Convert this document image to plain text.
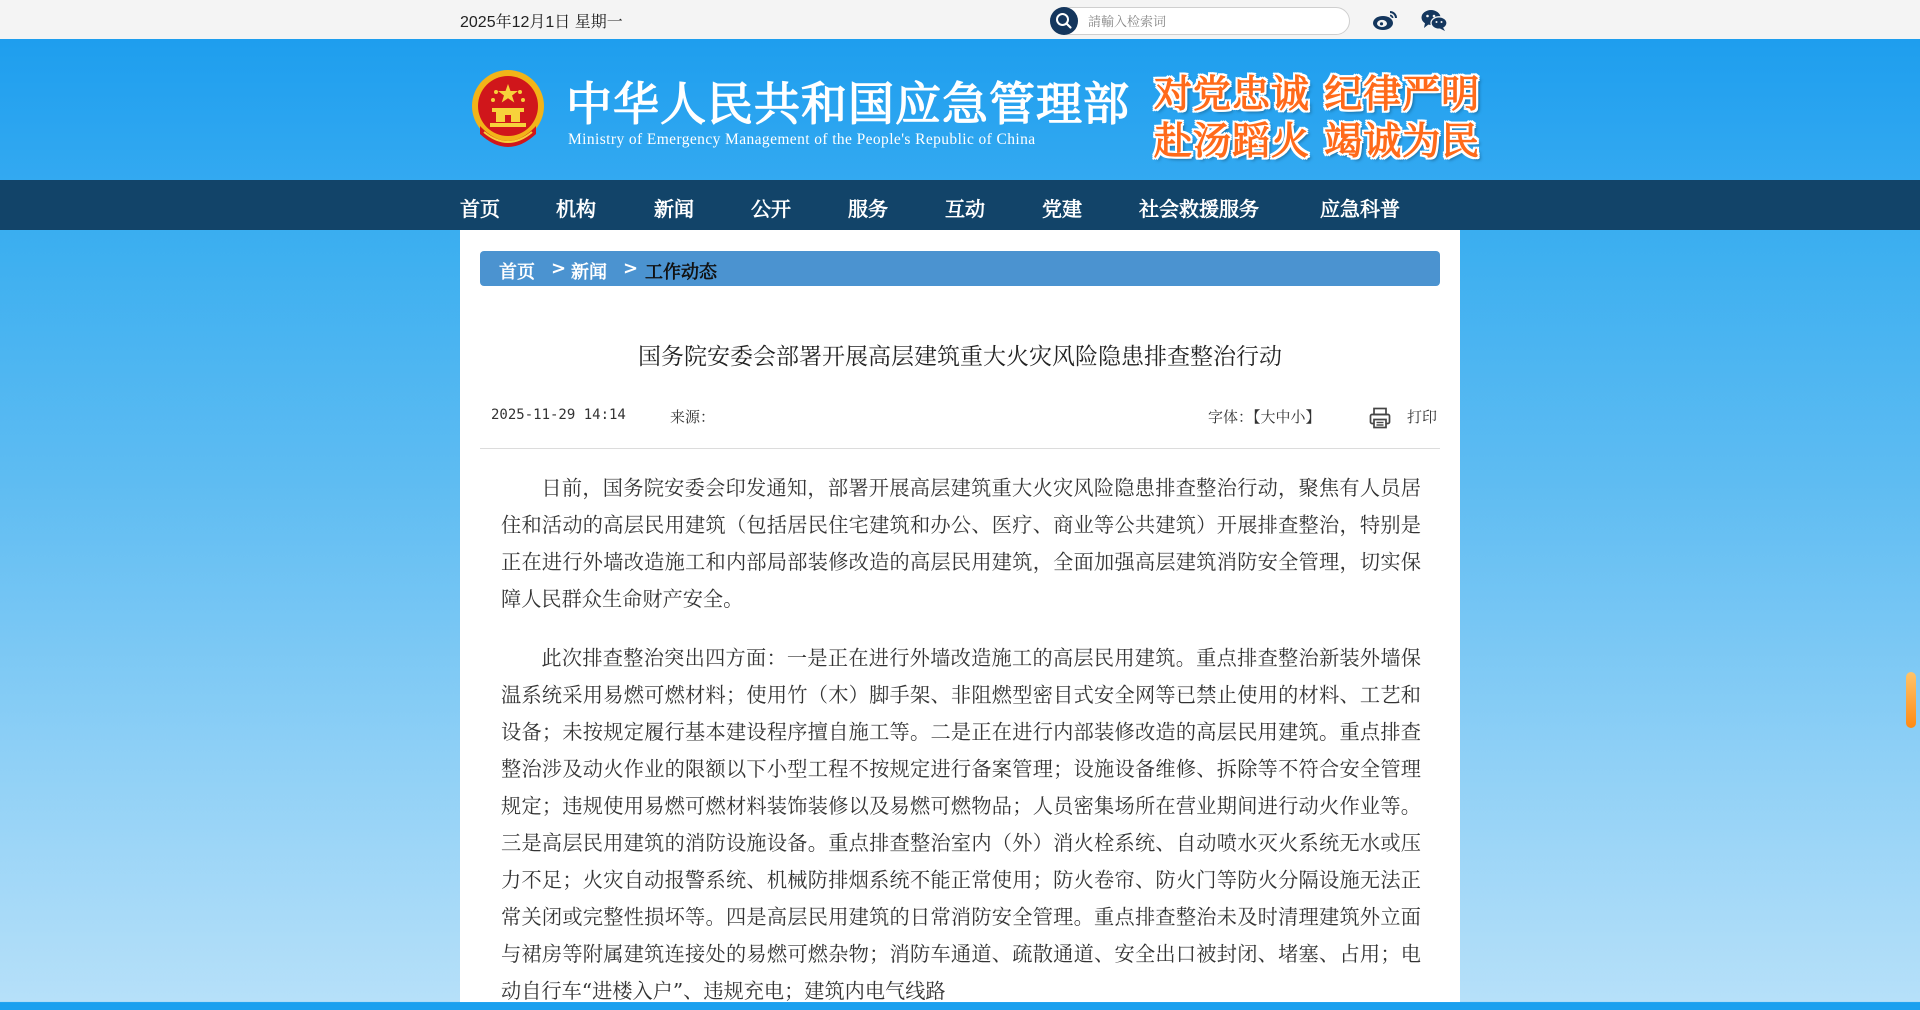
2025年12月1日 星期一
請輸入检索词
中华人民共和国应急管理部
Ministry of Emergency Management of the People's Republic of China
对党忠诚 纪律严明
赴汤蹈火 竭诚为民
首页	机构	新闻	公开	服务	互动	党建	社会救援服务	应急科普
首页 > 新闻 > 工作动态
国务院安委会部署开展高层建筑重大火灾风险隐患排查整治行动
2025-11-29 14:14	来源：	字体：【大中小】	打印

日前，国务院安委会印发通知，部署开展高层建筑重大火灾风险隐患排查整治行动，聚焦有人员居住和活动的高层民用建筑（包括居民住宅建筑和办公、医疗、商业等公共建筑）开展排查整治，特别是正在进行外墙改造施工和内部局部装修改造的高层民用建筑，全面加强高层建筑消防安全管理，切实保障人民群众生命财产安全。

此次排查整治突出四方面：一是正在进行外墙改造施工的高层民用建筑。重点排查整治新装外墙保温系统采用易燃可燃材料；使用竹（木）脚手架、非阻燃型密目式安全网等已禁止使用的材料、工艺和设备；未按规定履行基本建设程序擅自施工等。二是正在进行内部装修改造的高层民用建筑。重点排查整治涉及动火作业的限额以下小型工程不按规定进行备案管理；设施设备维修、拆除等不符合安全管理规定；违规使用易燃可燃材料装饰装修以及易燃可燃物品；人员密集场所在营业期间进行动火作业等。三是高层民用建筑的消防设施设备。重点排查整治室内（外）消火栓系统、自动喷水灭火系统无水或压力不足；火灾自动报警系统、机械防排烟系统不能正常使用；防火卷帘、防火门等防火分隔设施无法正常关闭或完整性损坏等。四是高层民用建筑的日常消防安全管理。重点排查整治未及时清理建筑外立面与裙房等附属建筑连接处的易燃可燃杂物；消防车通道、疏散通道、安全出口被封闭、堵塞、占用；电动自行车“进楼入户”、违规充电；建筑内电气线路
